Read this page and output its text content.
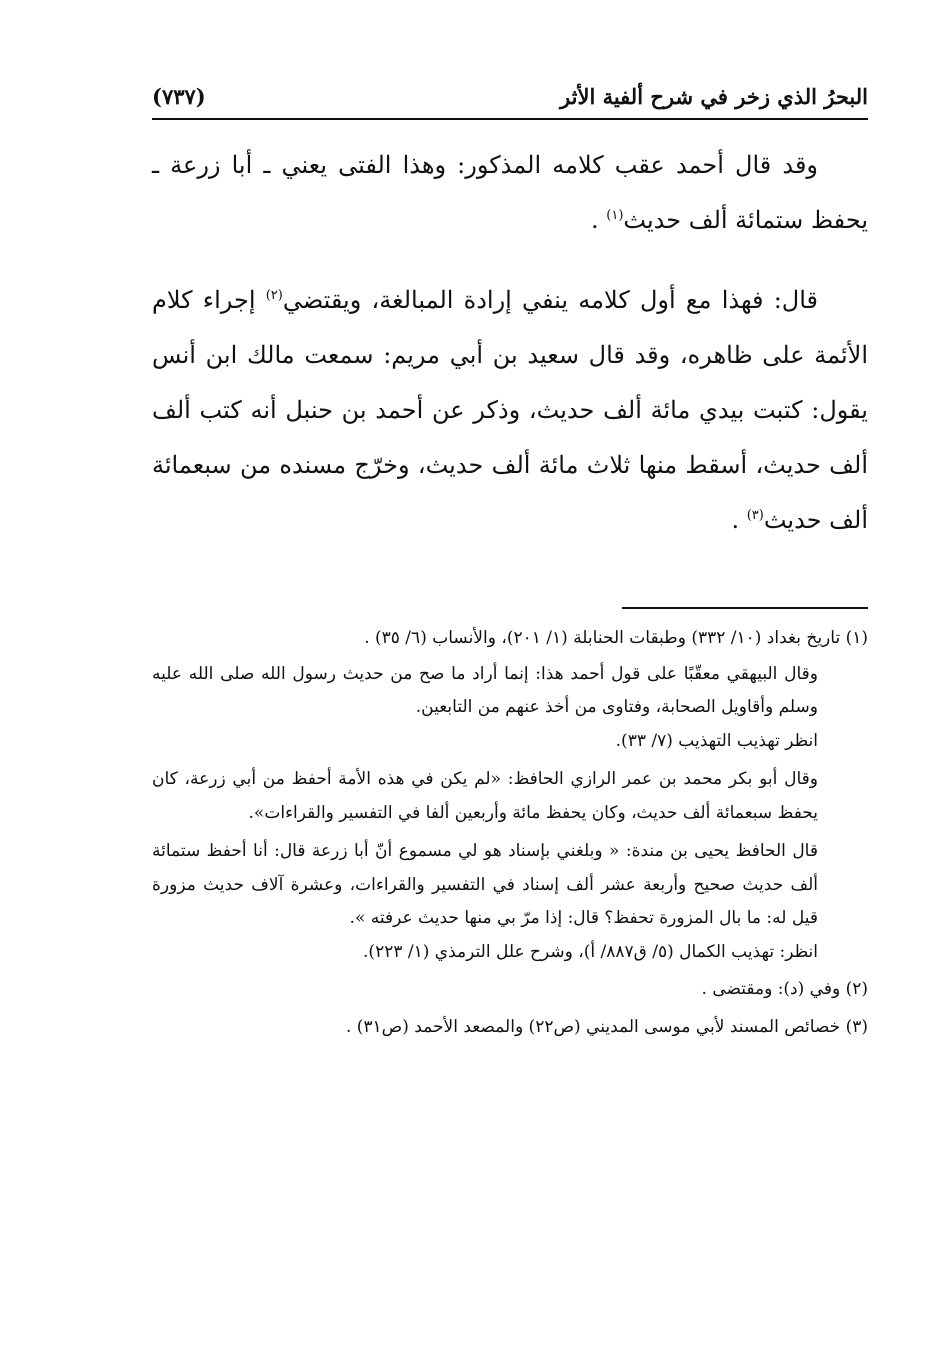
البحرُ الذي زخر في شرح ألفية الأثر
(٧٣٧)

وقد قال أحمد عقب كلامه المذكور: وهذا الفتى يعني ـ أبا زرعة ـ يحفظ ستمائة ألف حديث$^{(١)}$ .

قال: فهذا مع أول كلامه ينفي إرادة المبالغة، ويقتضي$^{(٢)}$ إجراء كلام الأئمة على ظاهره، وقد قال سعيد بن أبي مريم: سمعت مالك ابن أنس يقول: كتبت بيدي مائة ألف حديث، وذكر عن أحمد بن حنبل أنه كتب ألف ألف حديث، أسقط منها ثلاث مائة ألف حديث، وخرّج مسنده من سبعمائة ألف حديث$^{(٣)}$ .

(١) تاريخ بغداد (١٠/ ٣٣٢) وطبقات الحنابلة (١/ ٢٠١)، والأنساب (٦/ ٣٥) .

وقال البيهقي معقّبًا على قول أحمد هذا: إنما أراد ما صح من حديث رسول الله صلى الله عليه وسلم وأقاويل الصحابة، وفتاوى من أخذ عنهم من التابعين.

انظر تهذيب التهذيب (٧/ ٣٣).

وقال أبو بكر محمد بن عمر الرازي الحافظ: «لم يكن في هذه الأمة أحفظ من أبي زرعة، كان يحفظ سبعمائة ألف حديث، وكان يحفظ مائة وأربعين ألفا في التفسير والقراءات».

قال الحافظ يحيى بن مندة: « وبلغني بإسناد هو لي مسموع أنّ أبا زرعة قال: أنا أحفظ ستمائة ألف حديث صحيح وأربعة عشر ألف إسناد في التفسير والقراءات، وعشرة آلاف حديث مزورة قيل له: ما بال المزورة تحفظ؟ قال: إذا مرّ بي منها حديث عرفته ».

انظر: تهذيب الكمال (٥/ ق٨٨٧/ أ)، وشرح علل الترمذي (١/ ٢٢٣).

(٢) وفي (د): ومقتضى .

(٣) خصائص المسند لأبي موسى المديني (ص٢٢) والمصعد الأحمد (ص٣١) .
